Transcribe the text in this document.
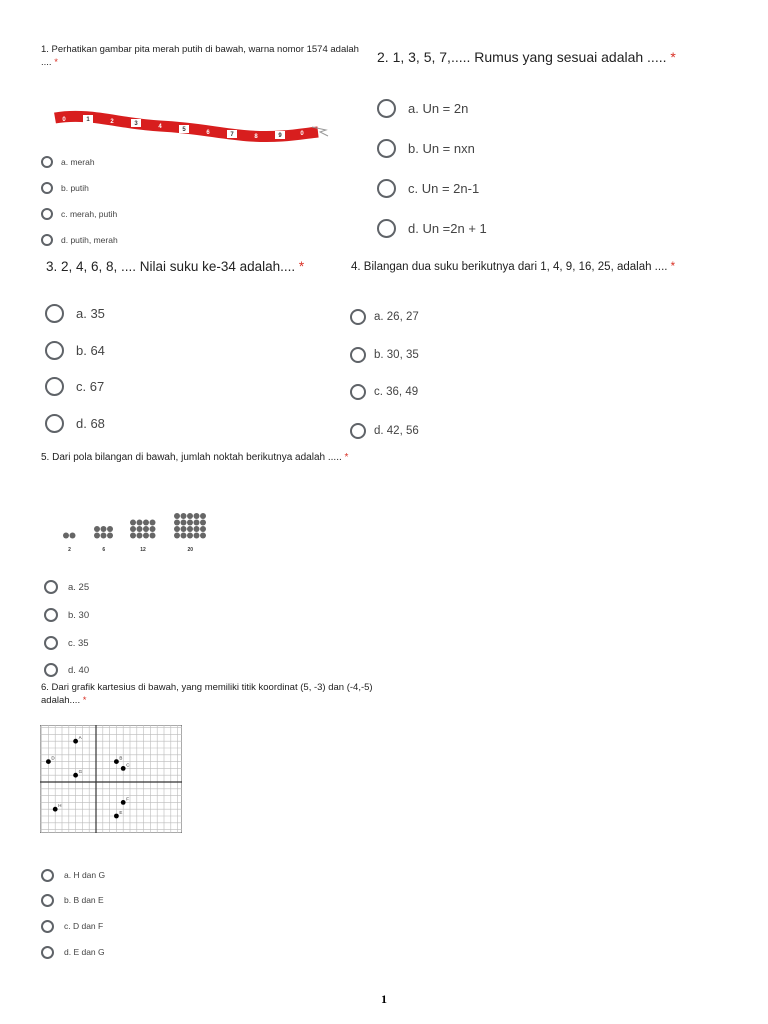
1. Perhatikan gambar pita merah putih di bawah, warna nomor 1574 adalah .... *
0	1	2	3	4	5	6	7	8	9	0
a. merah
b. putih
c. merah, putih
d. putih, merah
2. 1, 3, 5, 7,..... Rumus yang sesuai adalah ..... *
a. Un = 2n
b. Un = nxn
c. Un = 2n-1
d. Un =2n + 1
3. 2, 4, 6, 8, .... Nilai suku ke-34 adalah.... *
a. 35
b. 64
c. 67
d. 68
4. Bilangan dua suku berikutnya dari 1, 4, 9, 16, 25, adalah .... *
a. 26, 27
b. 30, 35
c. 36, 49
d. 42, 56
5. Dari pola bilangan di bawah, jumlah noktah berikutnya adalah ..... *
2	6	12	20
a. 25
b. 30
c. 35
d. 40
6. Dari grafik kartesius di bawah, yang memiliki titik koordinat (5, -3) dan (-4,-5) adalah.... *
A
B
C
D
E
F
G
H
a. H dan G
b. B dan E
c. D dan F
d. E dan G
1
